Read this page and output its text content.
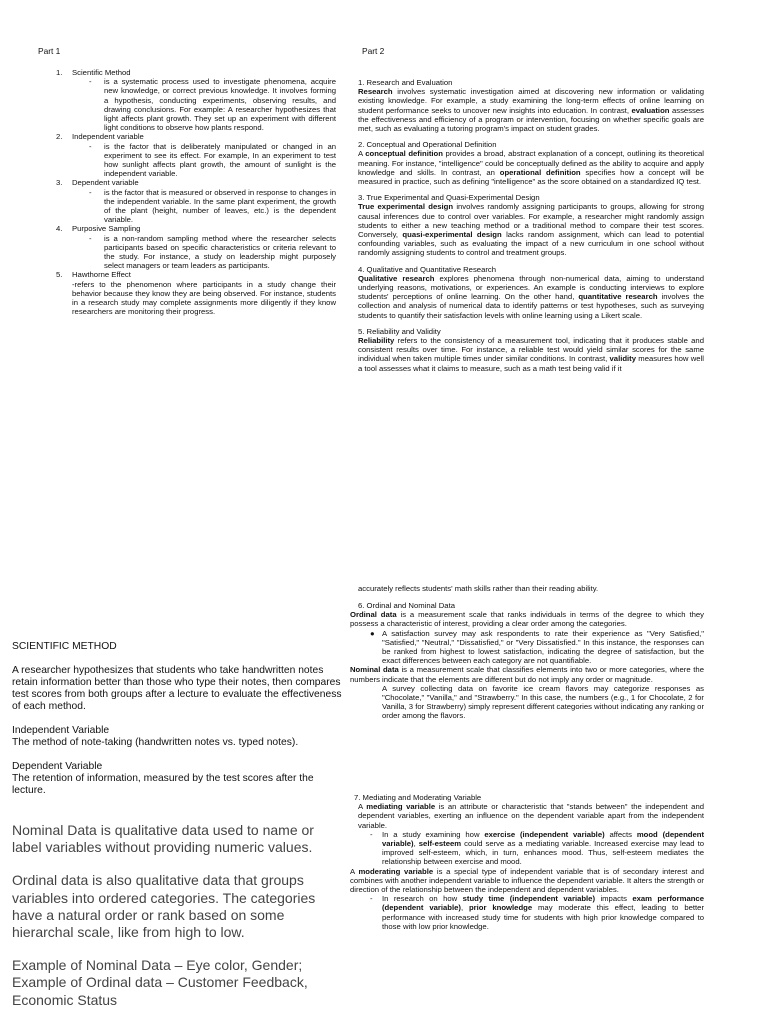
Part 1
1. Scientific Method
- is a systematic process used to investigate phenomena, acquire new knowledge, or correct previous knowledge. It involves forming a hypothesis, conducting experiments, observing results, and drawing conclusions. For example: A researcher hypothesizes that light affects plant growth. They set up an experiment with different light conditions to observe how plants respond.
2. Independent variable
- is the factor that is deliberately manipulated or changed in an experiment to see its effect. For example, In an experiment to test how sunlight affects plant growth, the amount of sunlight is the independent variable.
3. Dependent variable
- is the factor that is measured or observed in response to changes in the independent variable. In the same plant experiment, the growth of the plant (height, number of leaves, etc.) is the dependent variable.
4. Purposive Sampling
- is a non-random sampling method where the researcher selects participants based on specific characteristics or criteria relevant to the study. For instance, a study on leadership might purposely select managers or team leaders as participants.
5. Hawthorne Effect
-refers to the phenomenon where participants in a study change their behavior because they know they are being observed. For instance, students in a research study may complete assignments more diligently if they know researchers are monitoring their progress.
Part 2

1. Research and Evaluation

Research involves systematic investigation aimed at discovering new information or validating existing knowledge. For example, a study examining the long-term effects of online learning on student performance seeks to uncover new insights into education. In contrast, evaluation assesses the effectiveness and efficiency of a program or intervention, focusing on whether specific goals are met, such as evaluating a tutoring program's impact on student grades.

2. Conceptual and Operational Definition

A conceptual definition provides a broad, abstract explanation of a concept, outlining its theoretical meaning. For instance, "intelligence" could be conceptually defined as the ability to acquire and apply knowledge and skills. In contrast, an operational definition specifies how a concept will be measured in practice, such as defining "intelligence" as the score obtained on a standardized IQ test.

3. True Experimental and Quasi-Experimental Design

True experimental design involves randomly assigning participants to groups, allowing for strong causal inferences due to control over variables. For example, a researcher might randomly assign students to either a new teaching method or a traditional method to compare their test scores. Conversely, quasi-experimental design lacks random assignment, which can lead to potential confounding variables, such as evaluating the impact of a new curriculum in one school without randomly assigning students to control and treatment groups.

4. Qualitative and Quantitative Research

Qualitative research explores phenomena through non-numerical data, aiming to understand underlying reasons, motivations, or experiences. An example is conducting interviews to explore students' perceptions of online learning. On the other hand, quantitative research involves the collection and analysis of numerical data to identify patterns or test hypotheses, such as surveying students to quantify their satisfaction levels with online learning using a Likert scale.

5. Reliability and Validity

Reliability refers to the consistency of a measurement tool, indicating that it produces stable and consistent results over time. For instance, a reliable test would yield similar scores for the same individual when taken multiple times under similar conditions. In contrast, validity measures how well a tool assesses what it claims to measure, such as a math test being valid if it

accurately reflects students' math skills rather than their reading ability.

6. Ordinal and Nominal Data

Ordinal data is a measurement scale that ranks individuals in terms of the degree to which they possess a characteristic of interest, providing a clear order among the categories.

● A satisfaction survey may ask respondents to rate their experience as "Very Satisfied," "Satisfied," "Neutral," "Dissatisfied," or "Very Dissatisfied." In this instance, the responses can be ranked from highest to lowest satisfaction, indicating the degree of satisfaction, but the exact differences between each category are not quantifiable.

Nominal data is a measurement scale that classifies elements into two or more categories, where the numbers indicate that the elements are different but do not imply any order or magnitude.

A survey collecting data on favorite ice cream flavors may categorize responses as "Chocolate," "Vanilla," and "Strawberry." In this case, the numbers (e.g., 1 for Chocolate, 2 for Vanilla, 3 for Strawberry) simply represent different categories without indicating any ranking or order among the flavors.

7. Mediating and Moderating Variable

A mediating variable is an attribute or characteristic that "stands between" the independent and dependent variables, exerting an influence on the dependent variable apart from the independent variable.

- In a study examining how exercise (independent variable) affects mood (dependent variable), self-esteem could serve as a mediating variable. Increased exercise may lead to improved self-esteem, which, in turn, enhances mood. Thus, self-esteem mediates the relationship between exercise and mood.

A moderating variable is a special type of independent variable that is of secondary interest and combines with another independent variable to influence the dependent variable. It alters the strength or direction of the relationship between the independent and dependent variables.

- In research on how study time (independent variable) impacts exam performance (dependent variable), prior knowledge may moderate this effect, leading to better performance with increased study time for students with high prior knowledge compared to those with low prior knowledge.

SCIENTIFIC METHOD

A researcher hypothesizes that students who take handwritten notes retain information better than those who type their notes, then compares test scores from both groups after a lecture to evaluate the effectiveness of each method.

Independent Variable

The method of note-taking (handwritten notes vs. typed notes).

Dependent Variable

The retention of information, measured by the test scores after the lecture.

Nominal Data is qualitative data used to name or label variables without providing numeric values.

Ordinal data is also qualitative data that groups variables into ordered categories. The categories have a natural order or rank based on some hierarchal scale, like from high to low.

Example of Nominal Data – Eye color, Gender; Example of Ordinal data – Customer Feedback, Economic Status
